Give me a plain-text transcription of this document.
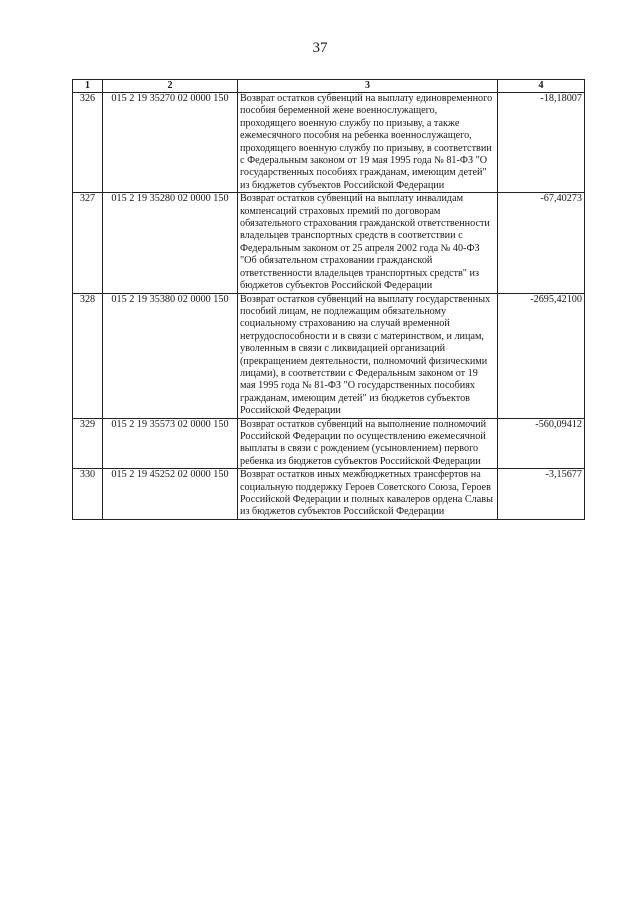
37
1	2	3	4
326	015 2 19 35270 02 0000 150	Возврат остатков субвенций на выплату единовременного пособия беременной жене военнослужащего, проходящего военную службу по призыву, а также ежемесячного пособия на ребенка военнослужащего, проходящего военную службу по призыву, в соответствии с Федеральным законом от 19 мая 1995 года № 81-ФЗ "О государственных пособиях гражданам, имеющим детей" из бюджетов субъектов Российской Федерации	-18,18007
327	015 2 19 35280 02 0000 150	Возврат остатков субвенций на выплату инвалидам компенсаций страховых премий по договорам обязательного страхования гражданской ответственности владельцев транспортных средств в соответствии с Федеральным законом от 25 апреля 2002 года № 40-ФЗ "Об обязательном страховании гражданской ответственности владельцев транспортных средств" из бюджетов субъектов Российской Федерации	-67,40273
328	015 2 19 35380 02 0000 150	Возврат остатков субвенций на выплату государственных пособий лицам, не подлежащим обязательному социальному страхованию на случай временной нетрудоспособности и в связи с материнством, и лицам, уволенным в связи с ликвидацией организаций (прекращением деятельности, полномочий физическими лицами), в соответствии с Федеральным законом от 19 мая 1995 года № 81-ФЗ "О государственных пособиях гражданам, имеющим детей" из бюджетов субъектов Российской Федерации	-2695,42100
329	015 2 19 35573 02 0000 150	Возврат остатков субвенций на выполнение полномочий Российской Федерации по осуществлению ежемесячной выплаты в связи с рождением (усыновлением) первого ребенка из бюджетов субъектов Российской Федерации	-560,09412
330	015 2 19 45252 02 0000 150	Возврат остатков иных межбюджетных трансфертов на социальную поддержку Героев Советского Союза, Героев Российской Федерации и полных кавалеров ордена Славы из бюджетов субъектов Российской Федерации	-3,15677
